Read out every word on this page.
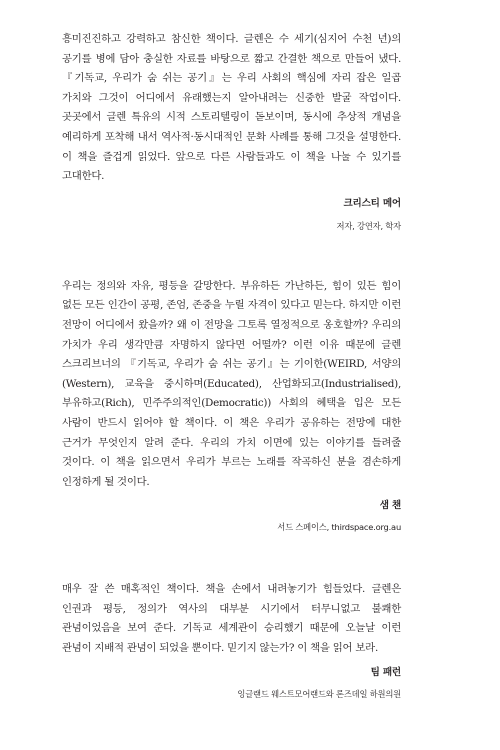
흥미진진하고 강력하고 참신한 책이다. 글렌은 수 세기(심지어 수천 년)의 공기를 병에 담아 충실한 자료를 바탕으로 짧고 간결한 책으로 만들어 냈다. 『기독교, 우리가 숨 쉬는 공기』는 우리 사회의 핵심에 자리 잡은 일곱 가치와 그것이 어디에서 유래했는지 알아내려는 신중한 발굴 작업이다. 곳곳에서 글렌 특유의 시적 스토리텔링이 돋보이며, 동시에 추상적 개념을 예리하게 포착해 내서 역사적·동시대적인 문화 사례를 통해 그것을 설명한다. 이 책을 즐겁게 읽었다. 앞으로 다른 사람들과도 이 책을 나눌 수 있기를 고대한다.

크리스티 메어

저자, 강연자, 학자

우리는 정의와 자유, 평등을 갈망한다. 부유하든 가난하든, 힘이 있든 힘이 없든 모든 인간이 공평, 존엄, 존중을 누릴 자격이 있다고 믿는다. 하지만 이런 전망이 어디에서 왔을까? 왜 이 전망을 그토록 열정적으로 옹호할까? 우리의 가치가 우리 생각만큼 자명하지 않다면 어떨까? 이런 이유 때문에 글렌 스크리브너의 『기독교, 우리가 숨 쉬는 공기』는 기이한(WEIRD, 서양의(Western), 교육을 중시하며(Educated), 산업화되고(Industrialised), 부유하고(Rich), 민주주의적인(Democratic)) 사회의 혜택을 입은 모든 사람이 반드시 읽어야 할 책이다. 이 책은 우리가 공유하는 전망에 대한 근거가 무엇인지 알려 준다. 우리의 가치 이면에 있는 이야기를 들려줄 것이다. 이 책을 읽으면서 우리가 부르는 노래를 작곡하신 분을 겸손하게 인정하게 될 것이다.

샘 챈

서드 스페이스, thirdspace.org.au

매우 잘 쓴 매혹적인 책이다. 책을 손에서 내려놓기가 힘들었다. 글렌은 인권과 평등, 정의가 역사의 대부분 시기에서 터무니없고 불쾌한 관념이었음을 보여 준다. 기독교 세계관이 승리했기 때문에 오늘날 이런 관념이 지배적 관념이 되었을 뿐이다. 믿기지 않는가? 이 책을 읽어 보라.

팀 패런

잉글랜드 웨스트모어랜드와 론즈데일 하원의원
